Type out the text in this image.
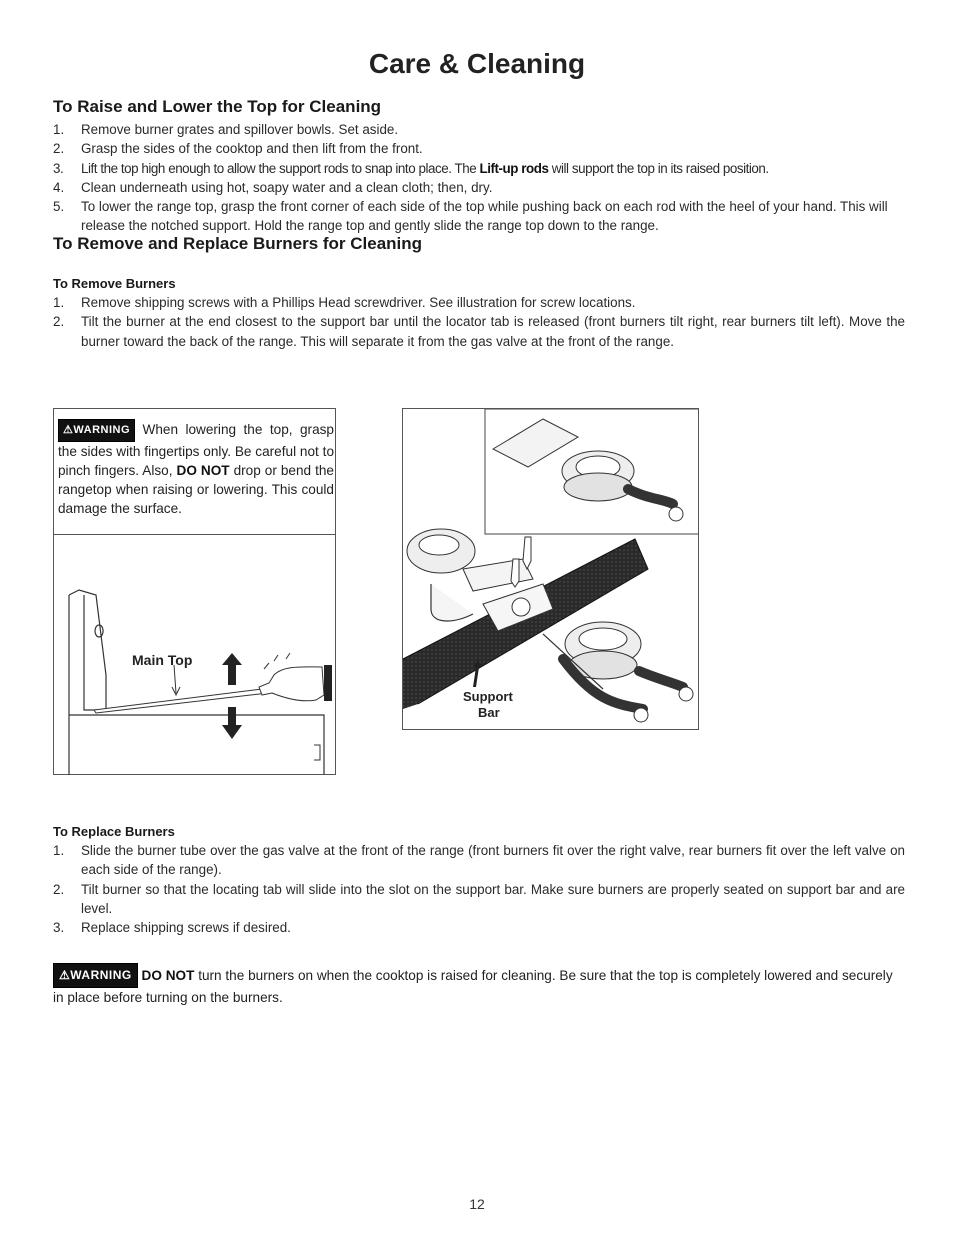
Care & Cleaning
To Raise and Lower the Top for Cleaning
1. Remove burner grates and spillover bowls. Set aside.
2. Grasp the sides of the cooktop and then lift from the front.
3. Lift the top high enough to allow the support rods to snap into place. The Lift-up rods will support the top in its raised position.
4. Clean underneath using hot, soapy water and a clean cloth; then, dry.
5. To lower the range top, grasp the front corner of each side of the top while pushing back on each rod with the heel of your hand. This will release the notched support. Hold the range top and gently slide the range top down to the range.
To Remove and Replace Burners for Cleaning
To Remove Burners
1. Remove shipping screws with a Phillips Head screwdriver. See illustration for screw locations.
2. Tilt the burner at the end closest to the support bar until the locator tab is released (front burners tilt right, rear burners tilt left). Move the burner toward the back of the range. This will separate it from the gas valve at the front of the range.
⚠WARNING When lowering the top, grasp the sides with fingertips only. Be careful not to pinch fingers. Also, DO NOT drop or bend the rangetop when raising or lowering. This could damage the surface.
Main Top
Support
Bar
To Replace Burners
1. Slide the burner tube over the gas valve at the front of the range (front burners fit over the right valve, rear burners fit over the left valve on each side of the range).
2. Tilt burner so that the locating tab will slide into the slot on the support bar. Make sure burners are properly seated on support bar and are level.
3. Replace shipping screws if desired.
⚠WARNING DO NOT turn the burners on when the cooktop is raised for cleaning. Be sure that the top is completely lowered and securely in place before turning on the burners.
12
